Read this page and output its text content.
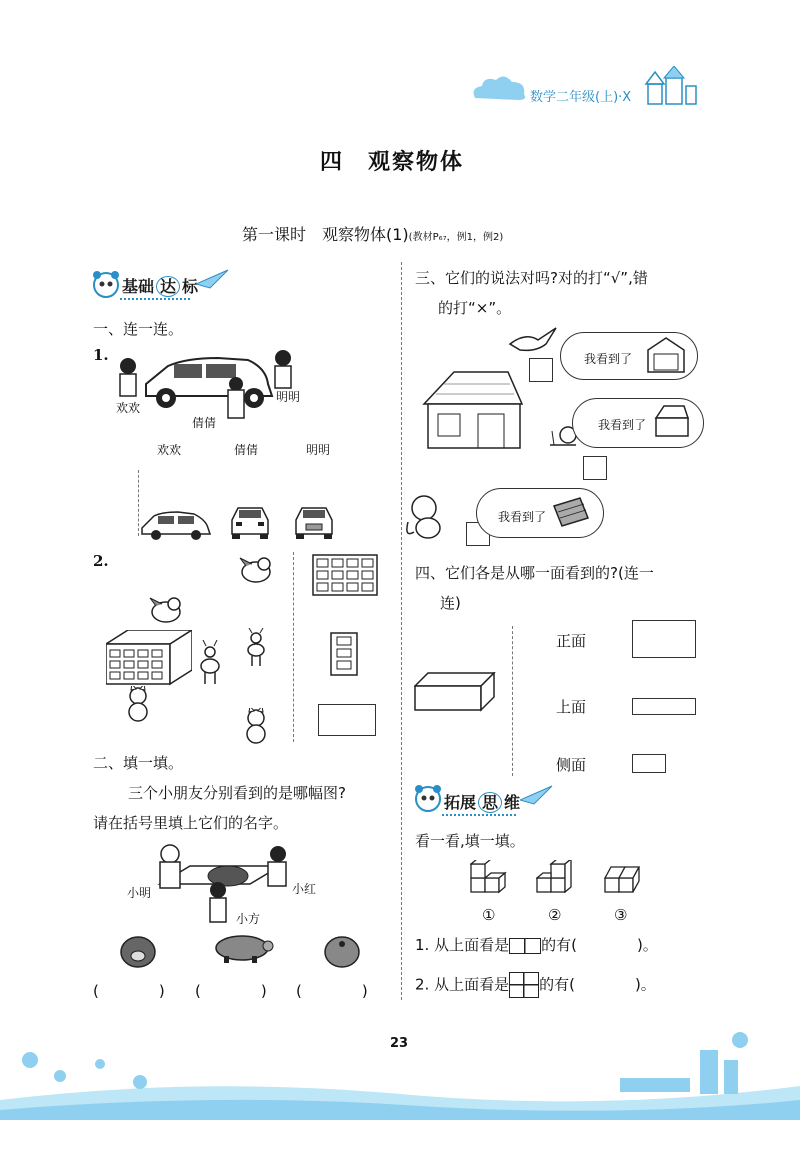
数学二年级(上)·X
四　观察物体
第一课时　观察物体(1)(教材P₆₇，例1，例2)
基础 达 标
一、连一连。
1.
欢欢
倩倩
明明
欢欢	倩倩	明明
2.
二、填一填。
三个小朋友分别看到的是哪幅图?
请在括号里填上它们的名字。
小明	小红
小方
(　　　　) (　　　　) (　　　　)
三、它们的说法对吗?对的打“√”,错
的打“×”。
我看到了
我看到了
我看到了
四、它们各是从哪一面看到的?(连一
连)
正面
上面
侧面
拓展 思 维
看一看,填一填。
①	②	③
1. 从上面看是 的有(　　　　)。
2. 从上面看是 的有(　　　　)。
23
